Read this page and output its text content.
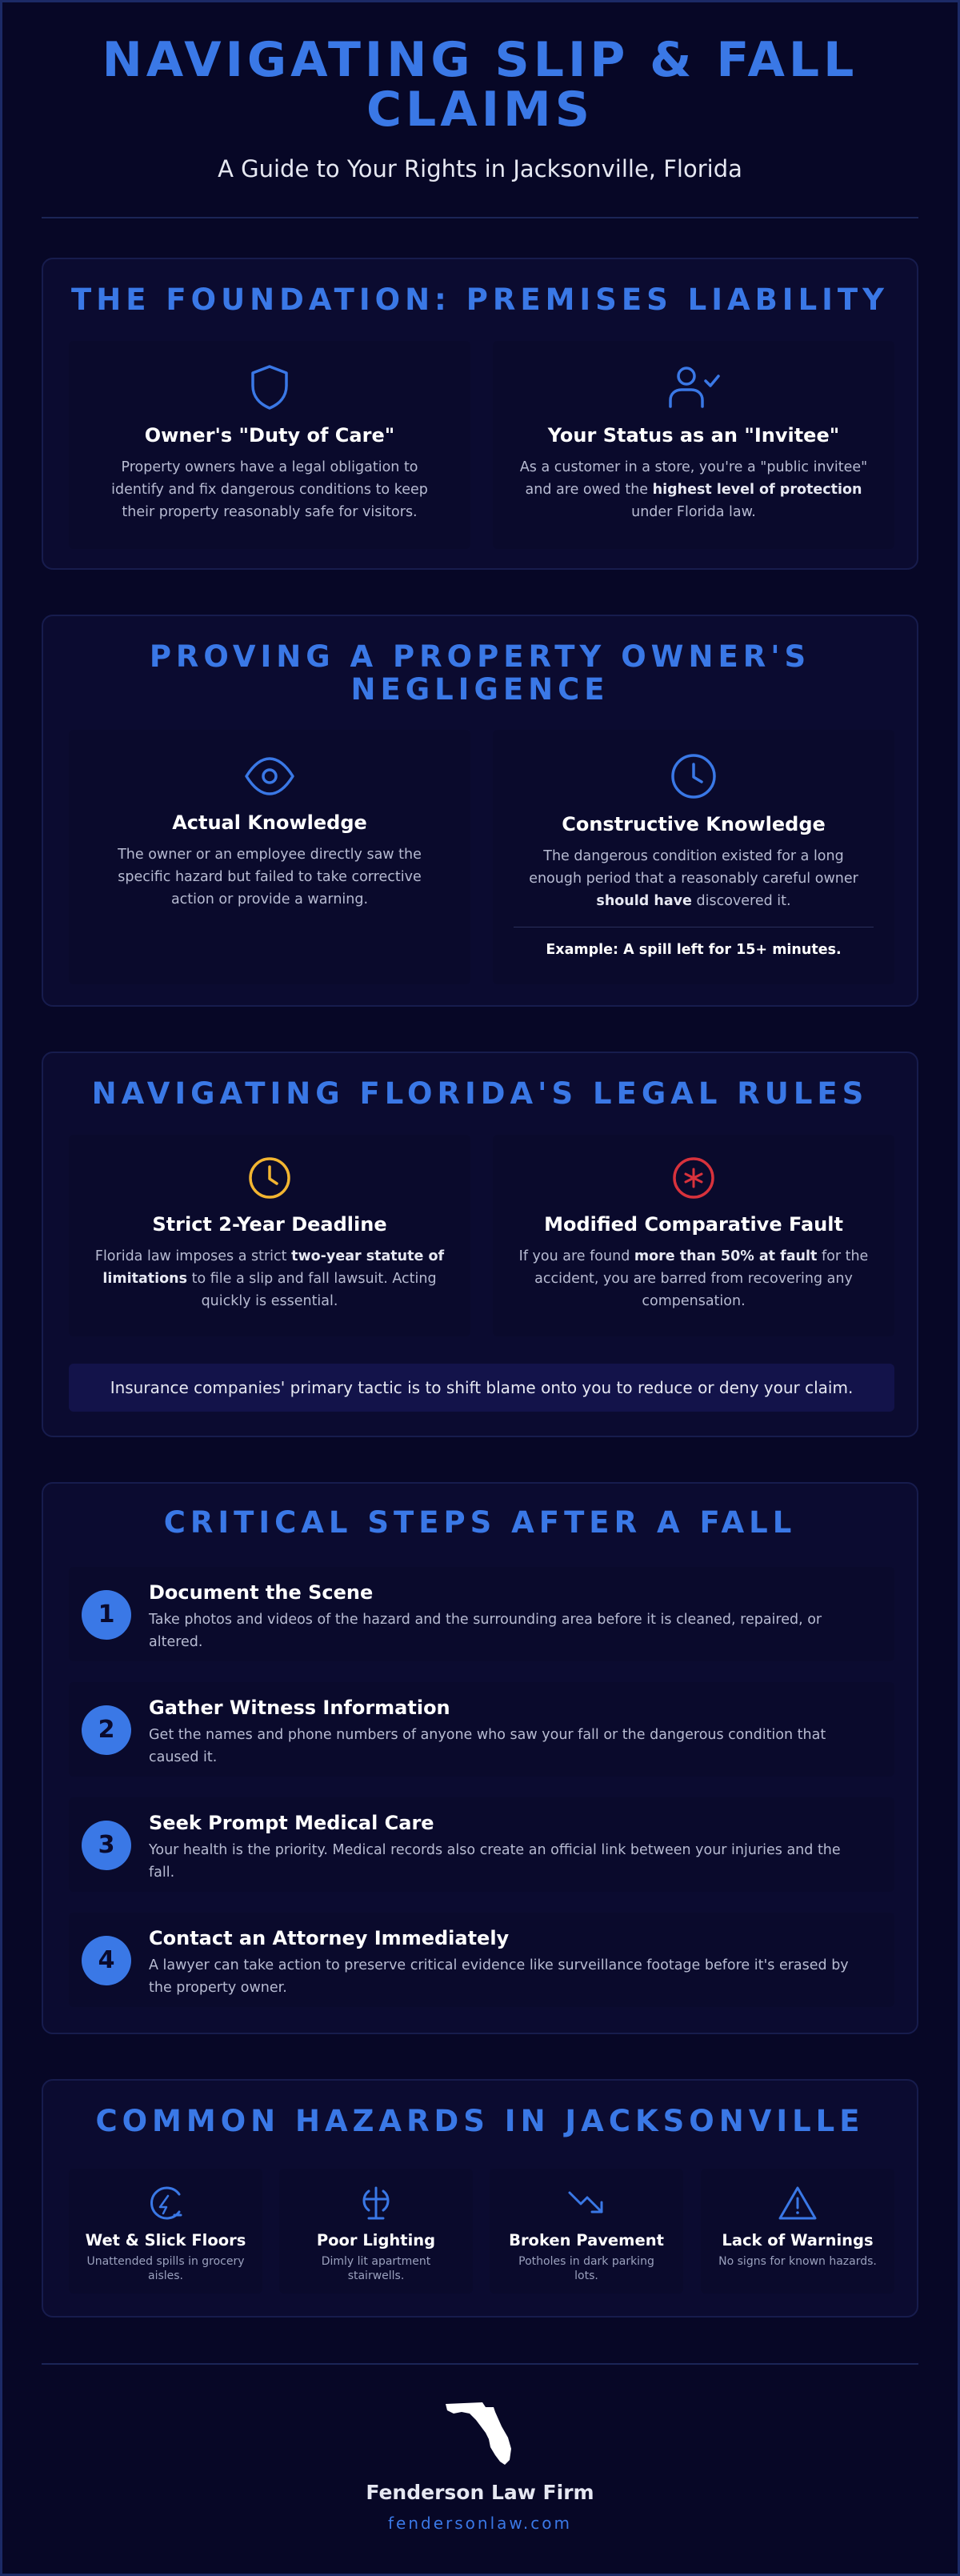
NAVIGATING SLIP & FALL
CLAIMS
A Guide to Your Rights in Jacksonville, Florida
THE FOUNDATION: PREMISES LIABILITY
Owner's "Duty of Care"
Property owners have a legal obligation to identify and fix dangerous conditions to keep their property reasonably safe for visitors.
Your Status as an "Invitee"
As a customer in a store, you're a "public invitee" and are owed the highest level of protection under Florida law.
PROVING A PROPERTY OWNER'S
NEGLIGENCE
Actual Knowledge
The owner or an employee directly saw the specific hazard but failed to take corrective action or provide a warning.
Constructive Knowledge
The dangerous condition existed for a long enough period that a reasonably careful owner should have discovered it.
Example: A spill left for 15+ minutes.
NAVIGATING FLORIDA'S LEGAL RULES
Strict 2-Year Deadline
Florida law imposes a strict two-year statute of limitations to file a slip and fall lawsuit. Acting quickly is essential.
Modified Comparative Fault
If you are found more than 50% at fault for the accident, you are barred from recovering any compensation.
Insurance companies' primary tactic is to shift blame onto you to reduce or deny your claim.
CRITICAL STEPS AFTER A FALL
1
Document the Scene
Take photos and videos of the hazard and the surrounding area before it is cleaned, repaired, or altered.
2
Gather Witness Information
Get the names and phone numbers of anyone who saw your fall or the dangerous condition that caused it.
3
Seek Prompt Medical Care
Your health is the priority. Medical records also create an official link between your injuries and the fall.
4
Contact an Attorney Immediately
A lawyer can take action to preserve critical evidence like surveillance footage before it's erased by the property owner.
COMMON HAZARDS IN JACKSONVILLE
Wet & Slick Floors
Unattended spills in grocery aisles.
Poor Lighting
Dimly lit apartment stairwells.
Broken Pavement
Potholes in dark parking lots.
Lack of Warnings
No signs for known hazards.
Fenderson Law Firm
fendersonlaw.com
